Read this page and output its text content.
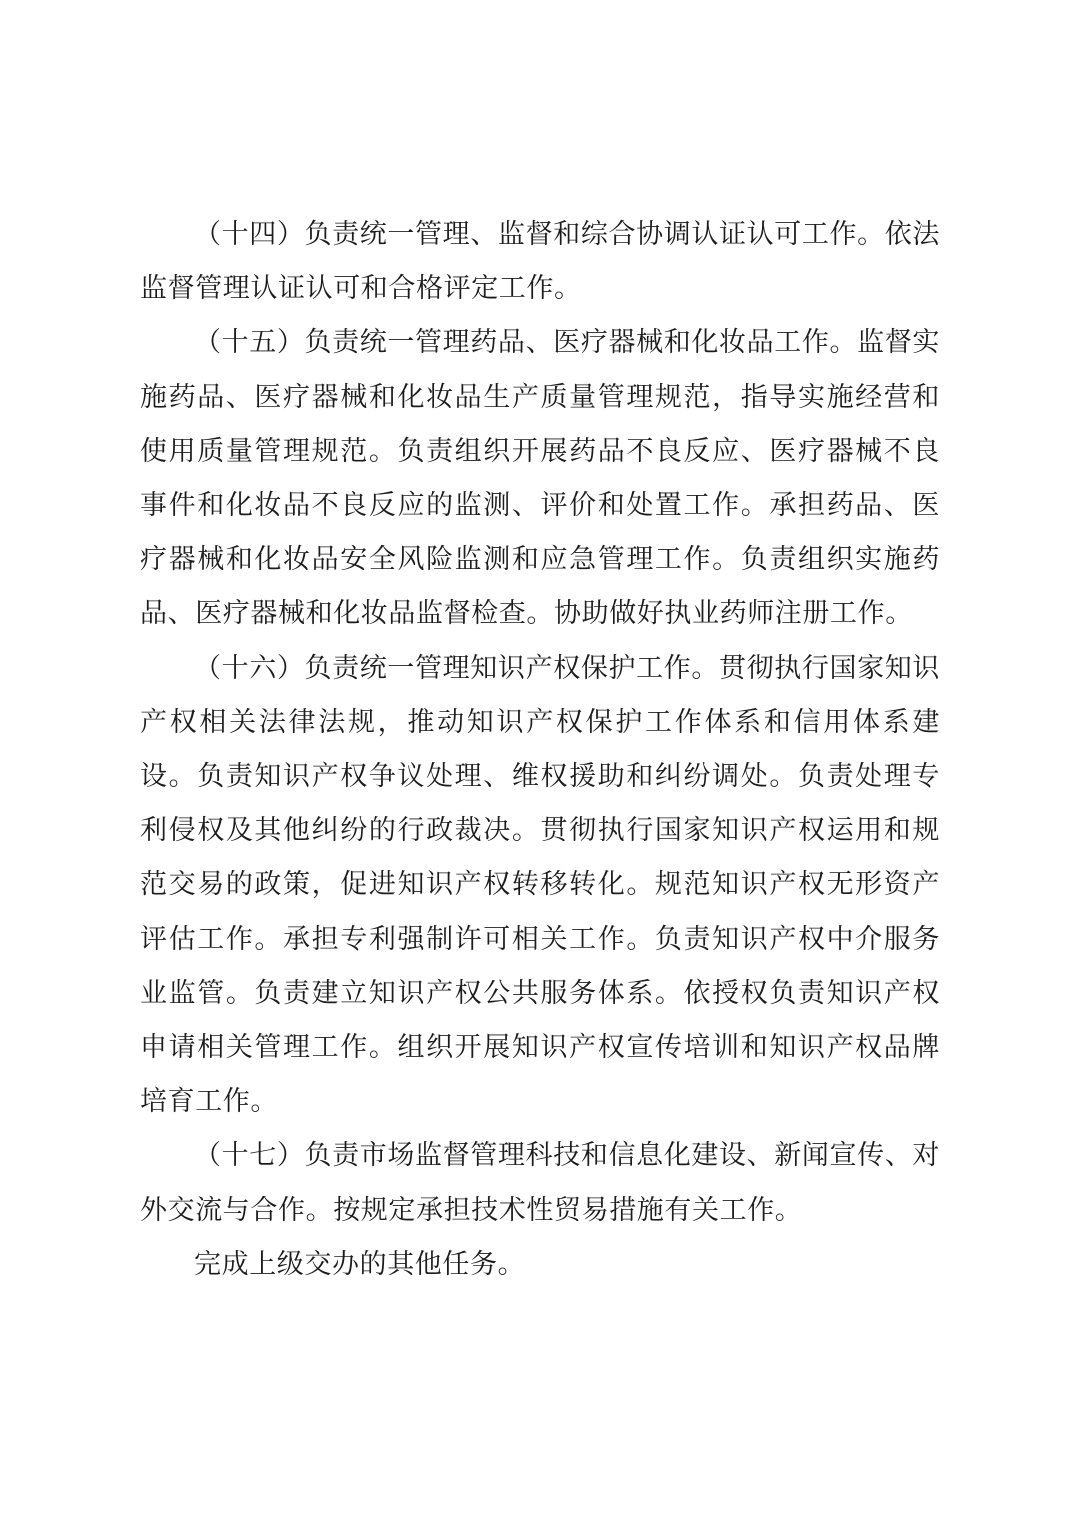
（十四）负责统一管理、监督和综合协调认证认可工作。依法监督管理认证认可和合格评定工作。

（十五）负责统一管理药品、医疗器械和化妆品工作。监督实施药品、医疗器械和化妆品生产质量管理规范，指导实施经营和使用质量管理规范。负责组织开展药品不良反应、医疗器械不良事件和化妆品不良反应的监测、评价和处置工作。承担药品、医疗器械和化妆品安全风险监测和应急管理工作。负责组织实施药品、医疗器械和化妆品监督检查。协助做好执业药师注册工作。

（十六）负责统一管理知识产权保护工作。贯彻执行国家知识产权相关法律法规，推动知识产权保护工作体系和信用体系建设。负责知识产权争议处理、维权援助和纠纷调处。负责处理专利侵权及其他纠纷的行政裁决。贯彻执行国家知识产权运用和规范交易的政策，促进知识产权转移转化。规范知识产权无形资产评估工作。承担专利强制许可相关工作。负责知识产权中介服务业监管。负责建立知识产权公共服务体系。依授权负责知识产权申请相关管理工作。组织开展知识产权宣传培训和知识产权品牌培育工作。

（十七）负责市场监督管理科技和信息化建设、新闻宣传、对外交流与合作。按规定承担技术性贸易措施有关工作。

完成上级交办的其他任务。
